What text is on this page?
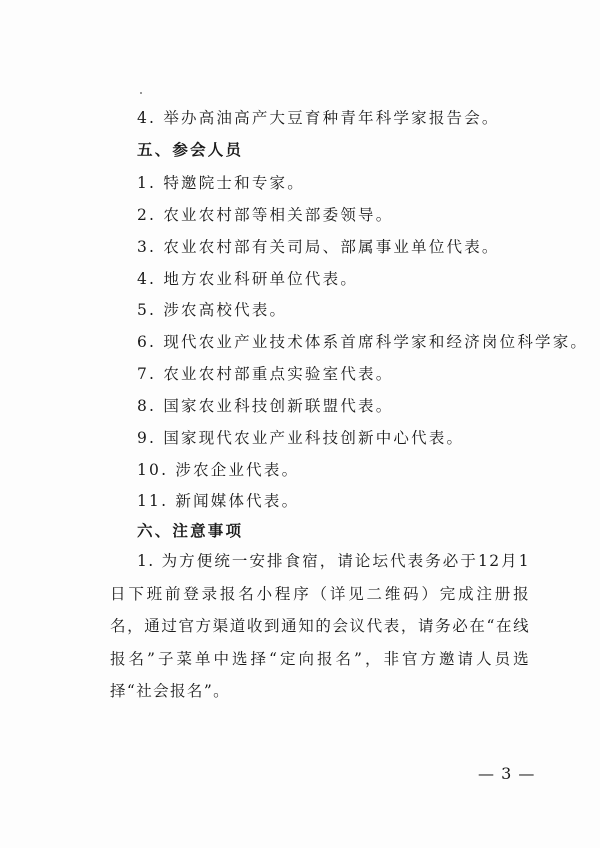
4. 举办高油高产大豆育种青年科学家报告会。
五、参会人员
1. 特邀院士和专家。
2. 农业农村部等相关部委领导。
3. 农业农村部有关司局、部属事业单位代表。
4. 地方农业科研单位代表。
5. 涉农高校代表。
6. 现代农业产业技术体系首席科学家和经济岗位科学家。
7. 农业农村部重点实验室代表。
8. 国家农业科技创新联盟代表。
9. 国家现代农业产业科技创新中心代表。
10. 涉农企业代表。
11. 新闻媒体代表。
六、注意事项
1. 为方便统一安排食宿，请论坛代表务必于12月1日下班前登录报名小程序（详见二维码）完成注册报名，通过官方渠道收到通知的会议代表，请务必在“在线报名”子菜单中选择“定向报名”，非官方邀请人员选择“社会报名”。
— 3 —
